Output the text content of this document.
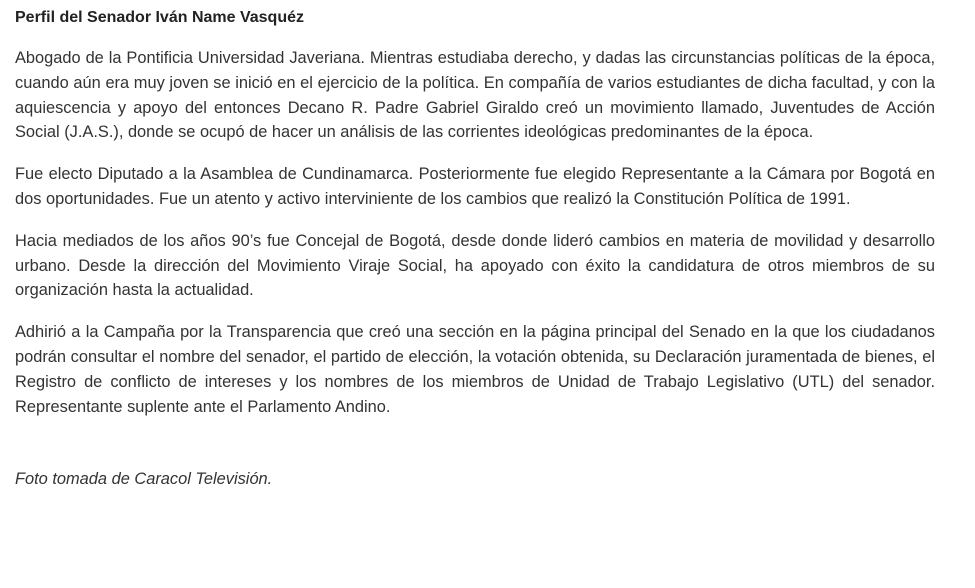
Perfil del Senador Iván Name Vasquéz

Abogado de la Pontificia Universidad Javeriana. Mientras estudiaba derecho, y dadas las circunstancias políticas de la época, cuando aún era muy joven se inició en el ejercicio de la política. En compañía de varios estudiantes de dicha facultad, y con la aquiescencia y apoyo del entonces Decano R. Padre Gabriel Giraldo creó un movimiento llamado, Juventudes de Acción Social (J.A.S.), donde se ocupó de hacer un análisis de las corrientes ideológicas predominantes de la época.

Fue electo Diputado a la Asamblea de Cundinamarca. Posteriormente fue elegido Representante a la Cámara por Bogotá en dos oportunidades. Fue un atento y activo interviniente de los cambios que realizó la Constitución Política de 1991.

Hacia mediados de los años 90’s fue Concejal de Bogotá, desde donde lideró cambios en materia de movilidad y desarrollo urbano. Desde la dirección del Movimiento Viraje Social, ha apoyado con éxito la candidatura de otros miembros de su organización hasta la actualidad.

Adhirió a la Campaña por la Transparencia que creó una sección en la página principal del Senado en la que los ciudadanos podrán consultar el nombre del senador, el partido de elección, la votación obtenida, su Declaración juramentada de bienes, el Registro de conflicto de intereses y los nombres de los miembros de Unidad de Trabajo Legislativo (UTL) del senador. Representante suplente ante el Parlamento Andino.

Foto tomada de Caracol Televisión.
